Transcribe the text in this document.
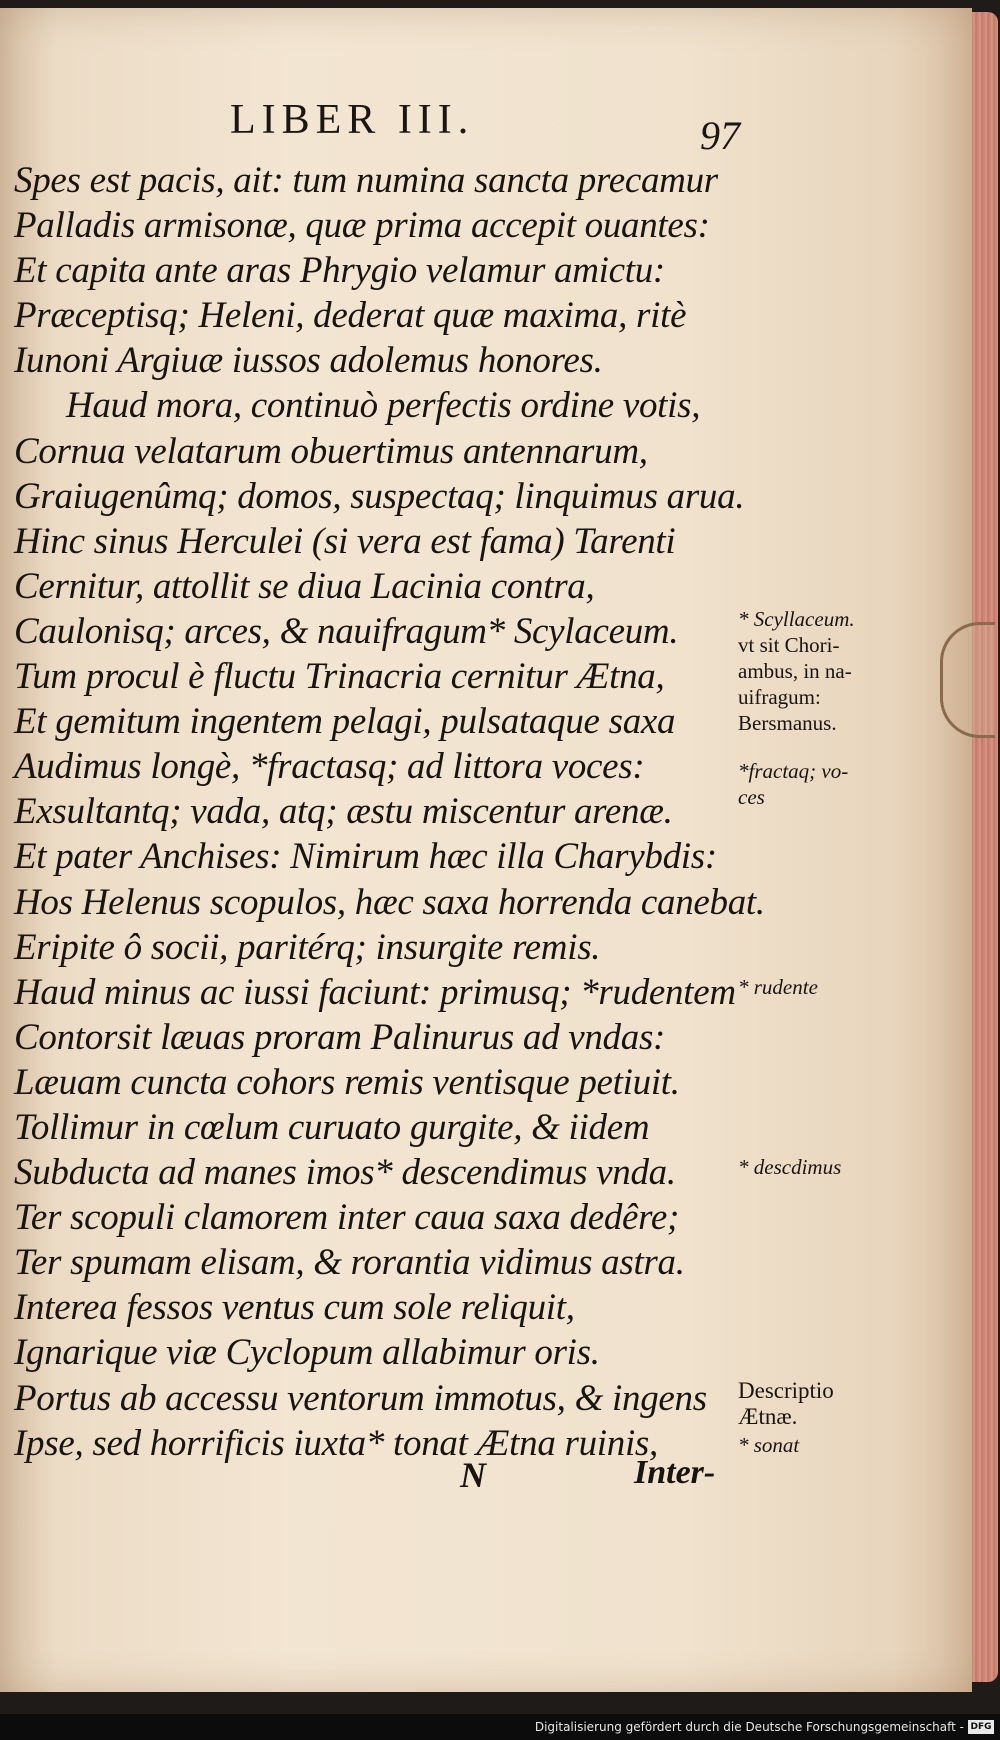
LIBER III.	97
Spes est pacis, ait: tum numina sancta precamur
Palladis armisonæ, quæ prima accepit ouantes:
Et capita ante aras Phrygio velamur amictu:
Præceptisq; Heleni, dederat quæ maxima, ritè
Iunoni Argiuæ iussos adolemus honores.
Haud mora, continuò perfectis ordine votis,
Cornua velatarum obuertimus antennarum,
Graiugenûmq; domos, suspectaq; linquimus arua.
Hinc sinus Herculei (si vera est fama) Tarenti
Cernitur, attollit se diua Lacinia contra,
Caulonisq; arces, & nauifragum* Scylaceum.
Tum procul è fluctu Trinacria cernitur Ætna,
Et gemitum ingentem pelagi, pulsataque saxa
Audimus longè, *fractasq; ad littora voces:
Exsultantq; vada, atq; æstu miscentur arenæ.
Et pater Anchises: Nimirum hæc illa Charybdis:
Hos Helenus scopulos, hæc saxa horrenda canebat.
Eripite ô socii, paritérq; insurgite remis.
Haud minus ac iussi faciunt: primusq; *rudentem
Contorsit læuas proram Palinurus ad vndas:
Læuam cuncta cohors remis ventisque petiuit.
Tollimur in cœlum curuato gurgite, & iidem
Subducta ad manes imos* descendimus vnda.
Ter scopuli clamorem inter caua saxa dedêre;
Ter spumam elisam, & rorantia vidimus astra.
Interea fessos ventus cum sole reliquit,
Ignarique viæ Cyclopum allabimur oris.
Portus ab accessu ventorum immotus, & ingens
Ipse, sed horrificis iuxta* tonat Ætna ruinis,
* Scyllaceum.
vt sit Chori-
ambus, in na-
uifragum:
Bersmanus.
*fractaq; vo-
ces
* rudente
* descdimus
Descriptio
Ætnæ.
* sonat
N	Inter-
Digitalisierung gefördert durch die Deutsche Forschungsgemeinschaft - DFG
